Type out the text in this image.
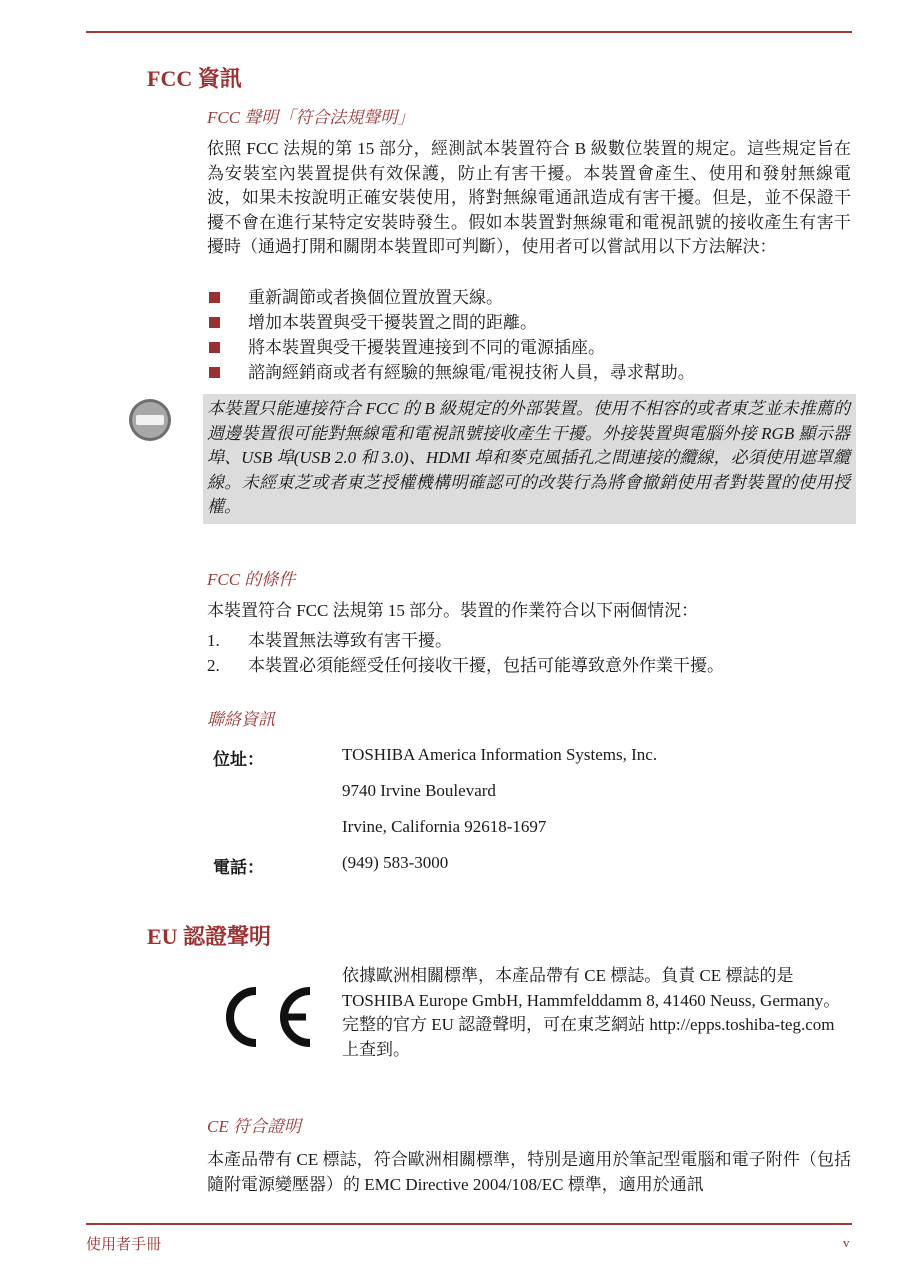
FCC 資訊
FCC 聲明「符合法規聲明」

依照 FCC 法規的第 15 部分，經測試本裝置符合 B 級數位裝置的規定。這些規定旨在為安裝室內裝置提供有效保護，防止有害干擾。本裝置會產生、使用和發射無線電波，如果未按說明正確安裝使用，將對無線電通訊造成有害干擾。但是，並不保證干擾不會在進行某特定安裝時發生。假如本裝置對無線電和電視訊號的接收產生有害干擾時（通過打開和關閉本裝置即可判斷），使用者可以嘗試用以下方法解決：

重新調節或者換個位置放置天線。
增加本裝置與受干擾裝置之間的距離。
將本裝置與受干擾裝置連接到不同的電源插座。
諮詢經銷商或者有經驗的無線電/電視技術人員，尋求幫助。

本裝置只能連接符合 FCC 的 B 級規定的外部裝置。使用不相容的或者東芝並未推薦的週邊裝置很可能對無線電和電視訊號接收產生干擾。外接裝置與電腦外接 RGB 顯示器埠、USB 埠(USB 2.0 和 3.0)、HDMI 埠和麥克風插孔之間連接的纜線，必須使用遮罩纜線。未經東芝或者東芝授權機構明確認可的改裝行為將會撤銷使用者對裝置的使用授權。

FCC 的條件

本裝置符合 FCC 法規第 15 部分。裝置的作業符合以下兩個情況：

1.	本裝置無法導致有害干擾。
2.	本裝置必須能經受任何接收干擾，包括可能導致意外作業干擾。
聯絡資訊
位址：	TOSHIBA America Information Systems, Inc.
9740 Irvine Boulevard
Irvine, California 92618-1697
電話：	(949) 583-3000
EU 認證聲明

依據歐洲相關標準，本產品帶有 CE 標誌。負責 CE 標誌的是 TOSHIBA Europe GmbH, Hammfelddamm 8, 41460 Neuss, Germany。完整的官方 EU 認證聲明，可在東芝網站 http://epps.toshiba-teg.com 上查到。

CE 符合證明

本產品帶有 CE 標誌，符合歐洲相關標準，特別是適用於筆記型電腦和電子附件（包括隨附電源變壓器）的 EMC Directive 2004/108/EC 標準，適用於通訊

使用者手冊	v
